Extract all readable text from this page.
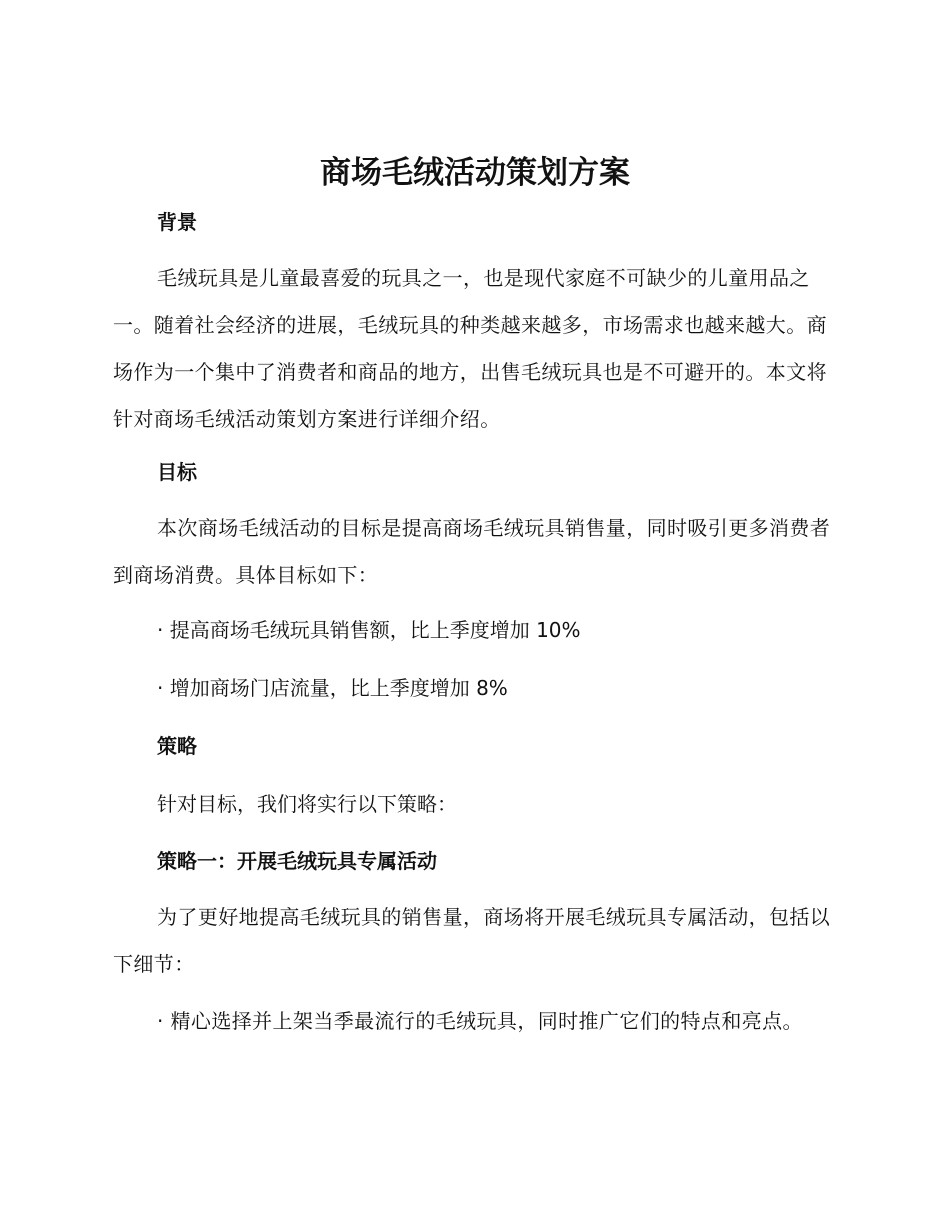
商场毛绒活动策划方案
背景

毛绒玩具是儿童最喜爱的玩具之一，也是现代家庭不可缺少的儿童用品之一。随着社会经济的进展，毛绒玩具的种类越来越多，市场需求也越来越大。商场作为一个集中了消费者和商品的地方，出售毛绒玩具也是不可避开的。本文将针对商场毛绒活动策划方案进行详细介绍。

目标

本次商场毛绒活动的目标是提高商场毛绒玩具销售量，同时吸引更多消费者到商场消费。具体目标如下：

· 提高商场毛绒玩具销售额，比上季度增加 10%

· 增加商场门店流量，比上季度增加 8%

策略

针对目标，我们将实行以下策略：

策略一：开展毛绒玩具专属活动

为了更好地提高毛绒玩具的销售量，商场将开展毛绒玩具专属活动，包括以下细节：

· 精心选择并上架当季最流行的毛绒玩具，同时推广它们的特点和亮点。
